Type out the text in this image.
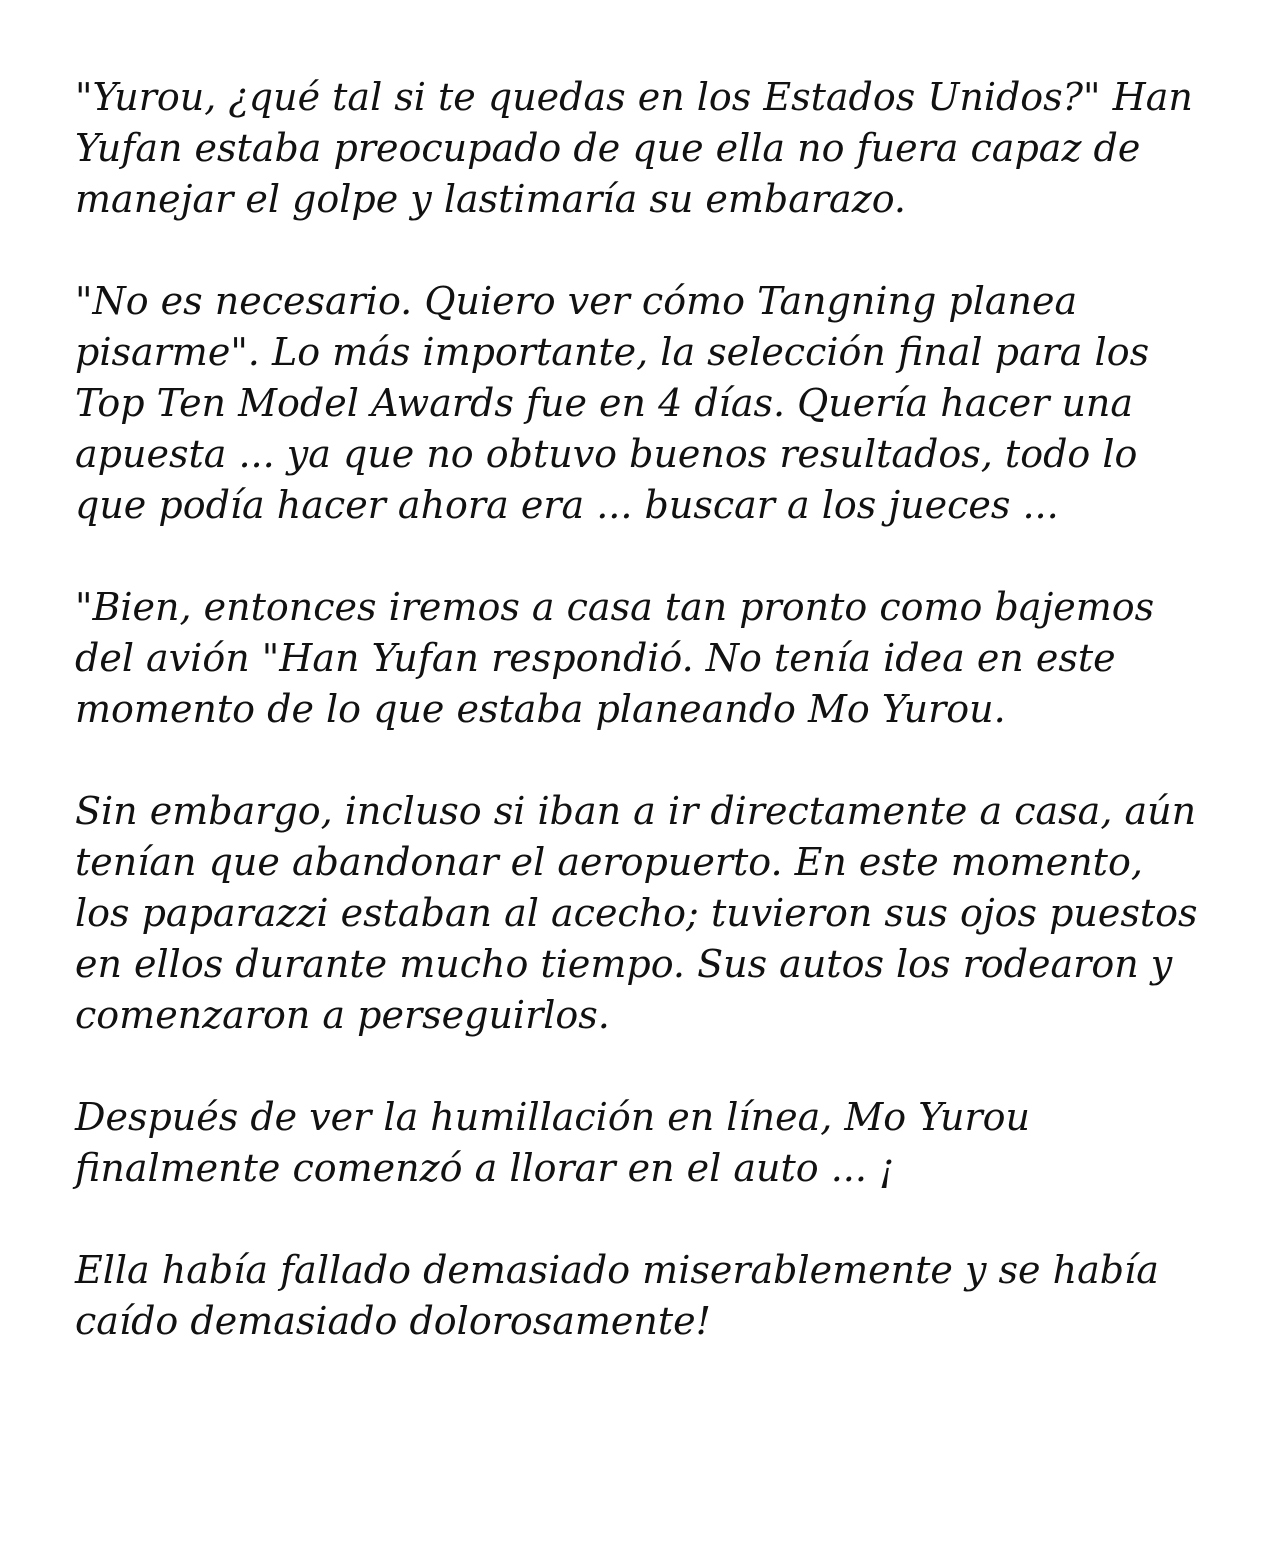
"Yurou, ¿qué tal si te quedas en los Estados Unidos?" Han Yufan estaba preocupado de que ella no fuera capaz de manejar el golpe y lastimaría su embarazo.

"No es necesario. Quiero ver cómo Tangning planea pisarme". Lo más importante, la selección final para los Top Ten Model Awards fue en 4 días. Quería hacer una apuesta ... ya que no obtuvo buenos resultados, todo lo que podía hacer ahora era ... buscar a los jueces ...

"Bien, entonces iremos a casa tan pronto como bajemos del avión "Han Yufan respondió. No tenía idea en este momento de lo que estaba planeando Mo Yurou.

Sin embargo, incluso si iban a ir directamente a casa, aún tenían que abandonar el aeropuerto. En este momento, los paparazzi estaban al acecho; tuvieron sus ojos puestos en ellos durante mucho tiempo. Sus autos los rodearon y comenzaron a perseguirlos.

Después de ver la humillación en línea, Mo Yurou finalmente comenzó a llorar en el auto ... ¡

Ella había fallado demasiado miserablemente y se había caído demasiado dolorosamente!
